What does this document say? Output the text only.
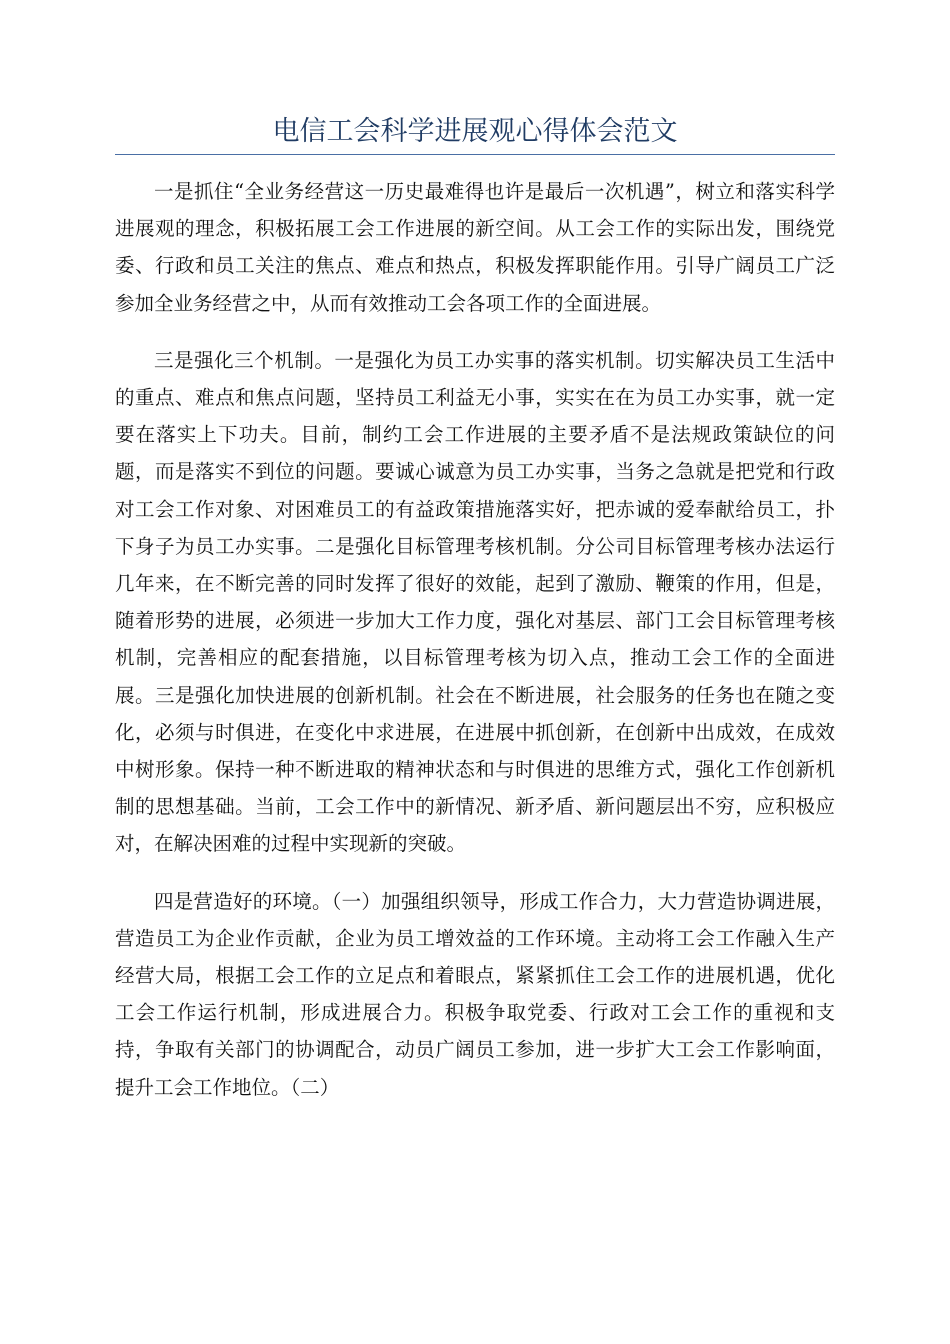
电信工会科学进展观心得体会范文

一是抓住“全业务经营这一历史最难得也许是最后一次机遇”，树立和落实科学进展观的理念，积极拓展工会工作进展的新空间。从工会工作的实际出发，围绕党委、行政和员工关注的焦点、难点和热点，积极发挥职能作用。引导广阔员工广泛参加全业务经营之中，从而有效推动工会各项工作的全面进展。

三是强化三个机制。一是强化为员工办实事的落实机制。切实解决员工生活中的重点、难点和焦点问题，坚持员工利益无小事，实实在在为员工办实事，就一定要在落实上下功夫。目前，制约工会工作进展的主要矛盾不是法规政策缺位的问题，而是落实不到位的问题。要诚心诚意为员工办实事，当务之急就是把党和行政对工会工作对象、对困难员工的有益政策措施落实好，把赤诚的爱奉献给员工，扑下身子为员工办实事。二是强化目标管理考核机制。分公司目标管理考核办法运行几年来，在不断完善的同时发挥了很好的效能，起到了激励、鞭策的作用，但是，随着形势的进展，必须进一步加大工作力度，强化对基层、部门工会目标管理考核机制，完善相应的配套措施，以目标管理考核为切入点，推动工会工作的全面进展。三是强化加快进展的创新机制。社会在不断进展，社会服务的任务也在随之变化，必须与时俱进，在变化中求进展，在进展中抓创新，在创新中出成效，在成效中树形象。保持一种不断进取的精神状态和与时俱进的思维方式，强化工作创新机制的思想基础。当前，工会工作中的新情况、新矛盾、新问题层出不穷，应积极应对，在解决困难的过程中实现新的突破。

四是营造好的环境。（一）加强组织领导，形成工作合力，大力营造协调进展，营造员工为企业作贡献，企业为员工增效益的工作环境。主动将工会工作融入生产经营大局，根据工会工作的立足点和着眼点，紧紧抓住工会工作的进展机遇，优化工会工作运行机制，形成进展合力。积极争取党委、行政对工会工作的重视和支持，争取有关部门的协调配合，动员广阔员工参加，进一步扩大工会工作影响面，提升工会工作地位。（二）
